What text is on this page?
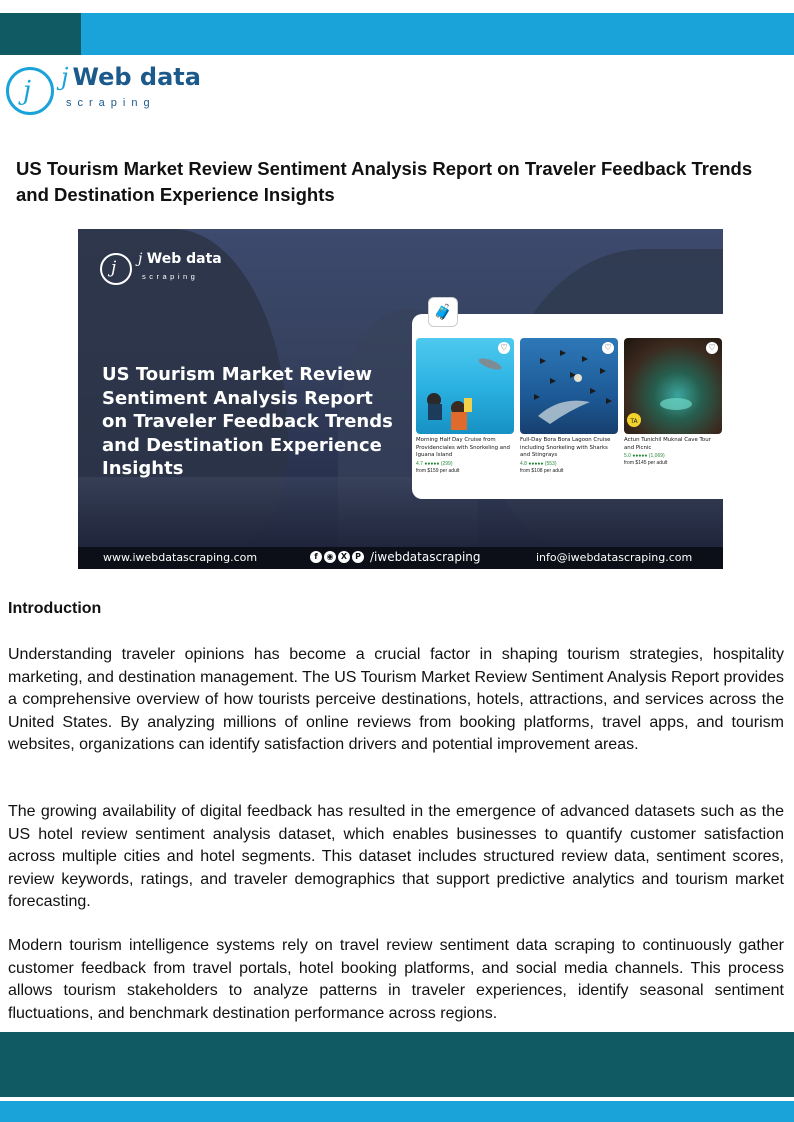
j j Web data
scraping
US Tourism Market Review Sentiment Analysis Report on Traveler Feedback Trends and Destination Experience Insights
j j Web data
scraping
US Tourism Market Review Sentiment Analysis Report on Traveler Feedback Trends and Destination Experience Insights
🧳
♡
Morning Half Day Cruise from Providenciales with Snorkeling and Iguana Island
4.7 ●●●●● (299)
from $159 per adult
♡
Full-Day Bora Bora Lagoon Cruise including Snorkeling with Sharks and Stingrays
4.8 ●●●●● (553)
from $108 per adult
TA
♡
Actun Tunichil Muknal Cave Tour and Picnic
5.0 ●●●●● (1,069)
from $145 per adult
www.iwebdatascraping.com	f	◉ X P /iwebdatascraping	info@iwebdatascraping.com
Introduction

Understanding traveler opinions has become a crucial factor in shaping tourism strategies, hospitality marketing, and destination management. The US Tourism Market Review Sentiment Analysis Report provides a comprehensive overview of how tourists perceive destinations, hotels, attractions, and services across the United States. By analyzing millions of online reviews from booking platforms, travel apps, and tourism websites, organizations can identify satisfaction drivers and potential improvement areas.

The growing availability of digital feedback has resulted in the emergence of advanced datasets such as the US hotel review sentiment analysis dataset, which enables businesses to quantify customer satisfaction across multiple cities and hotel segments. This dataset includes structured review data, sentiment scores, review keywords, ratings, and traveler demographics that support predictive analytics and tourism market forecasting.

Modern tourism intelligence systems rely on travel review sentiment data scraping to continuously gather customer feedback from travel portals, hotel booking platforms, and social media channels. This process allows tourism stakeholders to analyze patterns in traveler experiences, identify seasonal sentiment fluctuations, and benchmark destination performance across regions.
